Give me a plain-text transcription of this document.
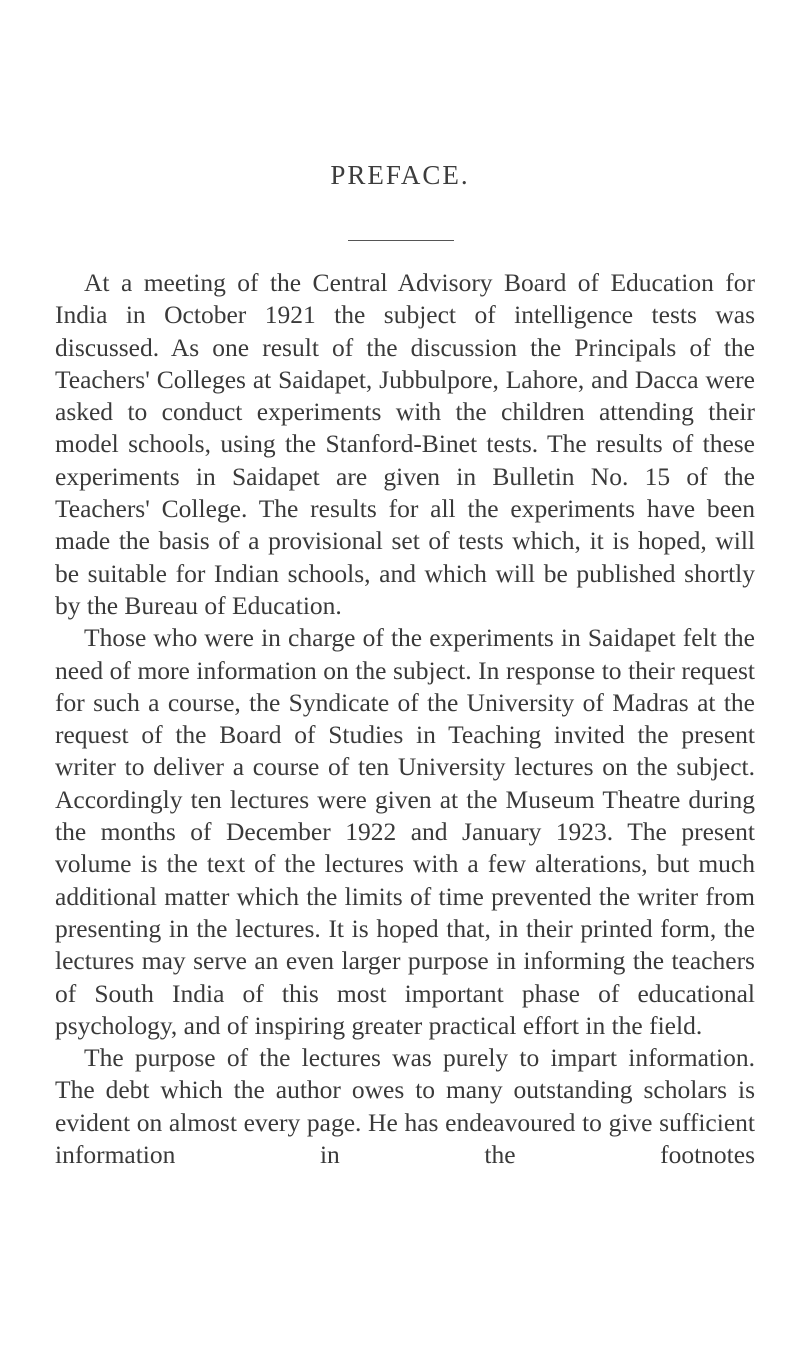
PREFACE.

At a meeting of the Central Advisory Board of Education for India in October 1921 the subject of intelligence tests was discussed. As one result of the discussion the Principals of the Teachers' Colleges at Saidapet, Jubbulpore, Lahore, and Dacca were asked to conduct experiments with the children attending their model schools, using the Stanford-Binet tests. The results of these experiments in Saidapet are given in Bulletin No. 15 of the Teachers' College. The results for all the experiments have been made the basis of a provisional set of tests which, it is hoped, will be suitable for Indian schools, and which will be published shortly by the Bureau of Education.

Those who were in charge of the experiments in Saidapet felt the need of more information on the subject. In response to their request for such a course, the Syndicate of the University of Madras at the request of the Board of Studies in Teaching invited the present writer to deliver a course of ten University lectures on the subject. Accordingly ten lectures were given at the Museum Theatre during the months of December 1922 and January 1923. The present volume is the text of the lectures with a few alterations, but much additional matter which the limits of time prevented the writer from presenting in the lectures. It is hoped that, in their printed form, the lectures may serve an even larger purpose in informing the teachers of South India of this most important phase of educational psychology, and of inspiring greater practical effort in the field.

The purpose of the lectures was purely to impart information. The debt which the author owes to many outstanding scholars is evident on almost every page. He has endeavoured to give sufficient information in the footnotes
